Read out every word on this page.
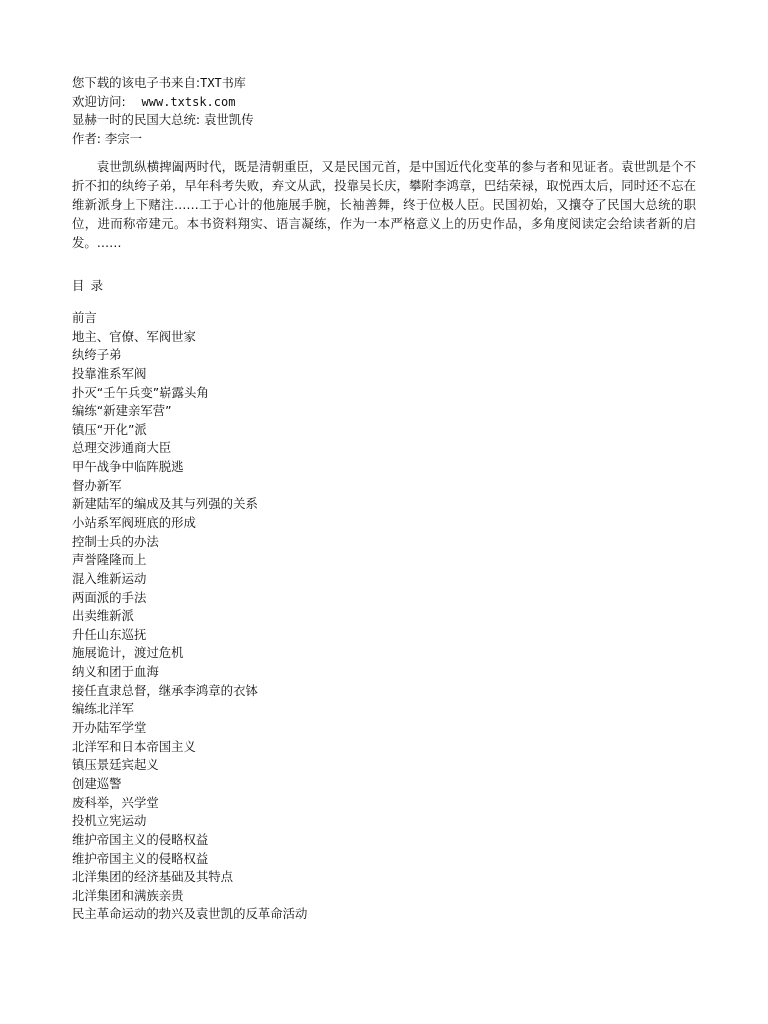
您下载的该电子书来自:TXT书库
欢迎访问: www.txtsk.com
显赫一时的民国大总统: 袁世凯传
作者: 李宗一

袁世凯纵横捭阖两时代，既是清朝重臣，又是民国元首，是中国近代化变革的参与者和见证者。袁世凯是个不折不扣的纨绔子弟，早年科考失败，弃文从武，投靠吴长庆，攀附李鸿章，巴结荣禄，取悦西太后，同时还不忘在维新派身上下赌注……工于心计的他施展手腕，长袖善舞，终于位极人臣。民国初始，又攘夺了民国大总统的职位，进而称帝建元。本书资料翔实、语言凝练，作为一本严格意义上的历史作品，多角度阅读定会给读者新的启发。……

目录
前言
地主、官僚、军阀世家
纨绔子弟
投靠淮系军阀
扑灭“壬午兵变”崭露头角
编练“新建亲军营”
镇压“开化”派
总理交涉通商大臣
甲午战争中临阵脱逃
督办新军
新建陆军的编成及其与列强的关系
小站系军阀班底的形成
控制士兵的办法
声誉隆隆而上
混入维新运动
两面派的手法
出卖维新派
升任山东巡抚
施展诡计，渡过危机
纳义和团于血海
接任直隶总督，继承李鸿章的衣钵
编练北洋军
开办陆军学堂
北洋军和日本帝国主义
镇压景廷宾起义
创建巡警
废科举，兴学堂
投机立宪运动
维护帝国主义的侵略权益
维护帝国主义的侵略权益
北洋集团的经济基础及其特点
北洋集团和满族亲贵
民主革命运动的勃兴及袁世凯的反革命活动
